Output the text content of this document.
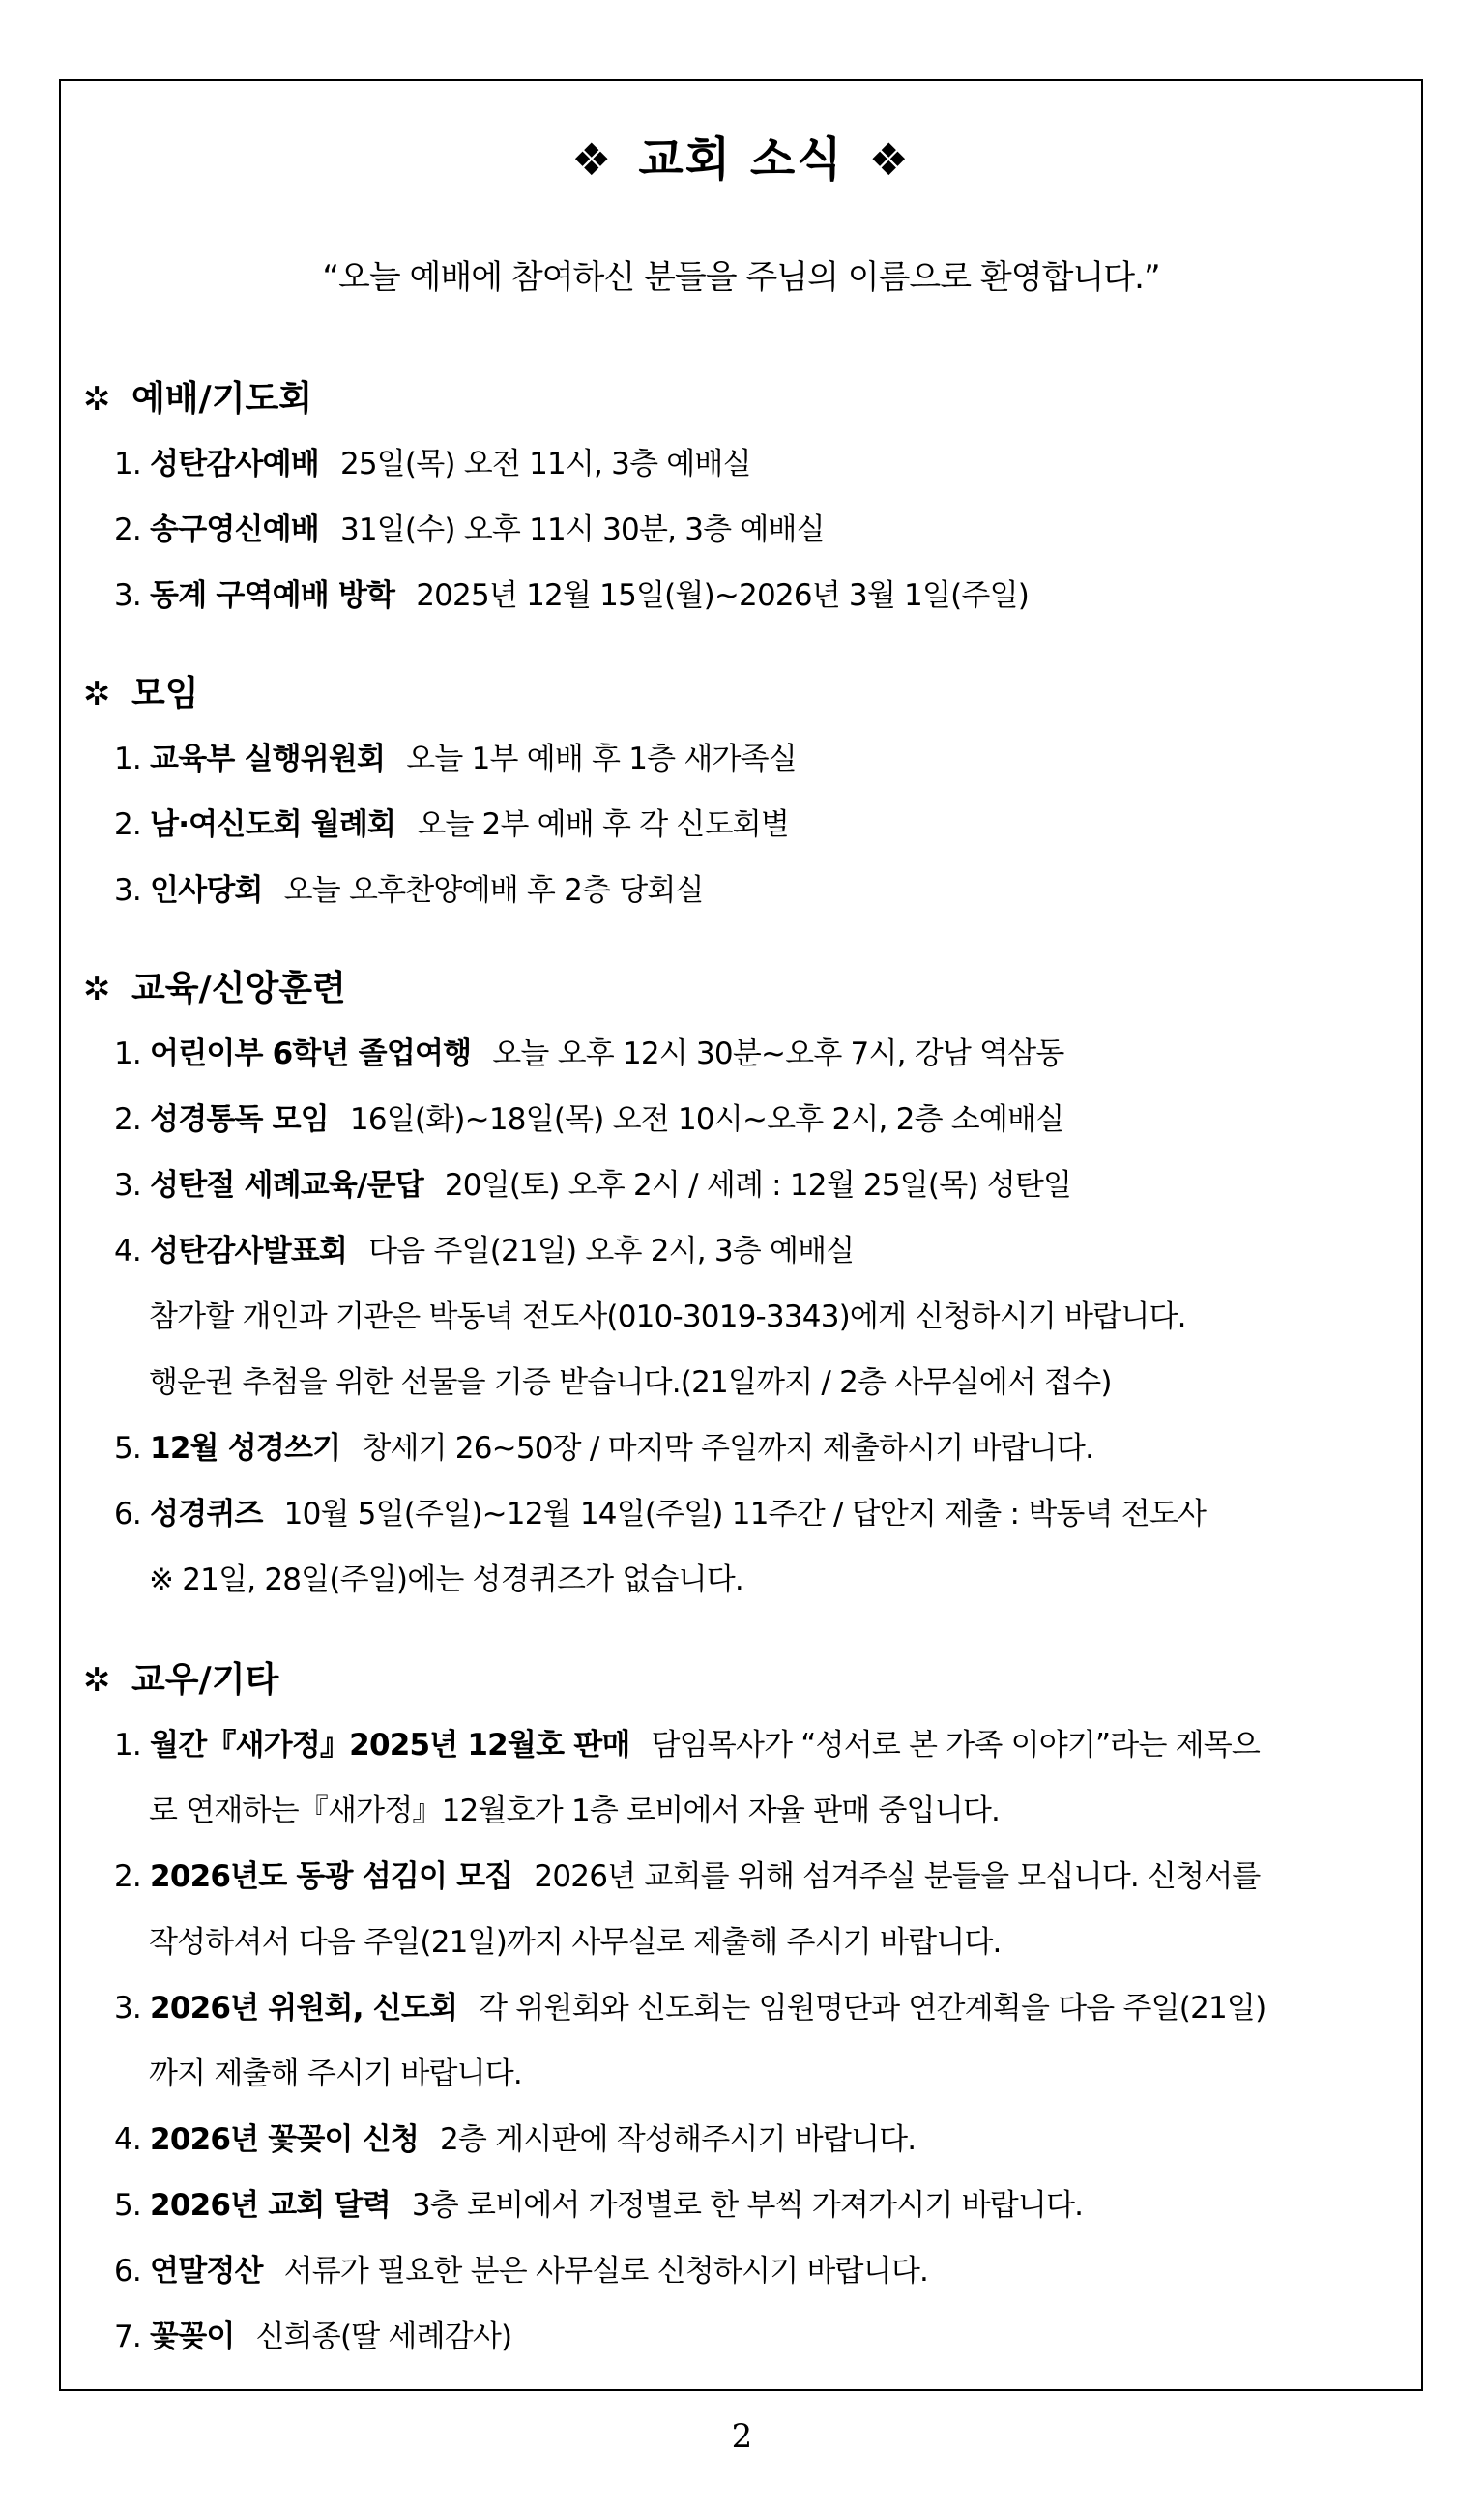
❖ 교회 소식 ❖
“오늘 예배에 참여하신 분들을 주님의 이름으로 환영합니다.”
✲ 예배/기도회
1. 성탄감사예배 25일(목) 오전 11시, 3층 예배실
2. 송구영신예배 31일(수) 오후 11시 30분, 3층 예배실
3. 동계 구역예배 방학 2025년 12월 15일(월)~2026년 3월 1일(주일)
✲ 모임
1. 교육부 실행위원회 오늘 1부 예배 후 1층 새가족실
2. 남·여신도회 월례회 오늘 2부 예배 후 각 신도회별
3. 인사당회 오늘 오후찬양예배 후 2층 당회실
✲ 교육/신앙훈련
1. 어린이부 6학년 졸업여행 오늘 오후 12시 30분~오후 7시, 강남 역삼동
2. 성경통독 모임 16일(화)~18일(목) 오전 10시~오후 2시, 2층 소예배실
3. 성탄절 세례교육/문답 20일(토) 오후 2시 / 세례 : 12월 25일(목) 성탄일
4. 성탄감사발표회 다음 주일(21일) 오후 2시, 3층 예배실
참가할 개인과 기관은 박동녁 전도사(010-3019-3343)에게 신청하시기 바랍니다.
행운권 추첨을 위한 선물을 기증 받습니다.(21일까지 / 2층 사무실에서 접수)
5. 12월 성경쓰기 창세기 26~50장 / 마지막 주일까지 제출하시기 바랍니다.
6. 성경퀴즈 10월 5일(주일)~12월 14일(주일) 11주간 / 답안지 제출 : 박동녁 전도사
※ 21일, 28일(주일)에는 성경퀴즈가 없습니다.
✲ 교우/기타
1. 월간『새가정』2025년 12월호 판매 담임목사가 “성서로 본 가족 이야기”라는 제목으
로 연재하는『새가정』12월호가 1층 로비에서 자율 판매 중입니다.
2. 2026년도 동광 섬김이 모집 2026년 교회를 위해 섬겨주실 분들을 모십니다. 신청서를
작성하셔서 다음 주일(21일)까지 사무실로 제출해 주시기 바랍니다.
3. 2026년 위원회, 신도회 각 위원회와 신도회는 임원명단과 연간계획을 다음 주일(21일)
까지 제출해 주시기 바랍니다.
4. 2026년 꽃꽂이 신청 2층 게시판에 작성해주시기 바랍니다.
5. 2026년 교회 달력 3층 로비에서 가정별로 한 부씩 가져가시기 바랍니다.
6. 연말정산 서류가 필요한 분은 사무실로 신청하시기 바랍니다.
7. 꽃꽂이 신희종(딸 세례감사)
2
